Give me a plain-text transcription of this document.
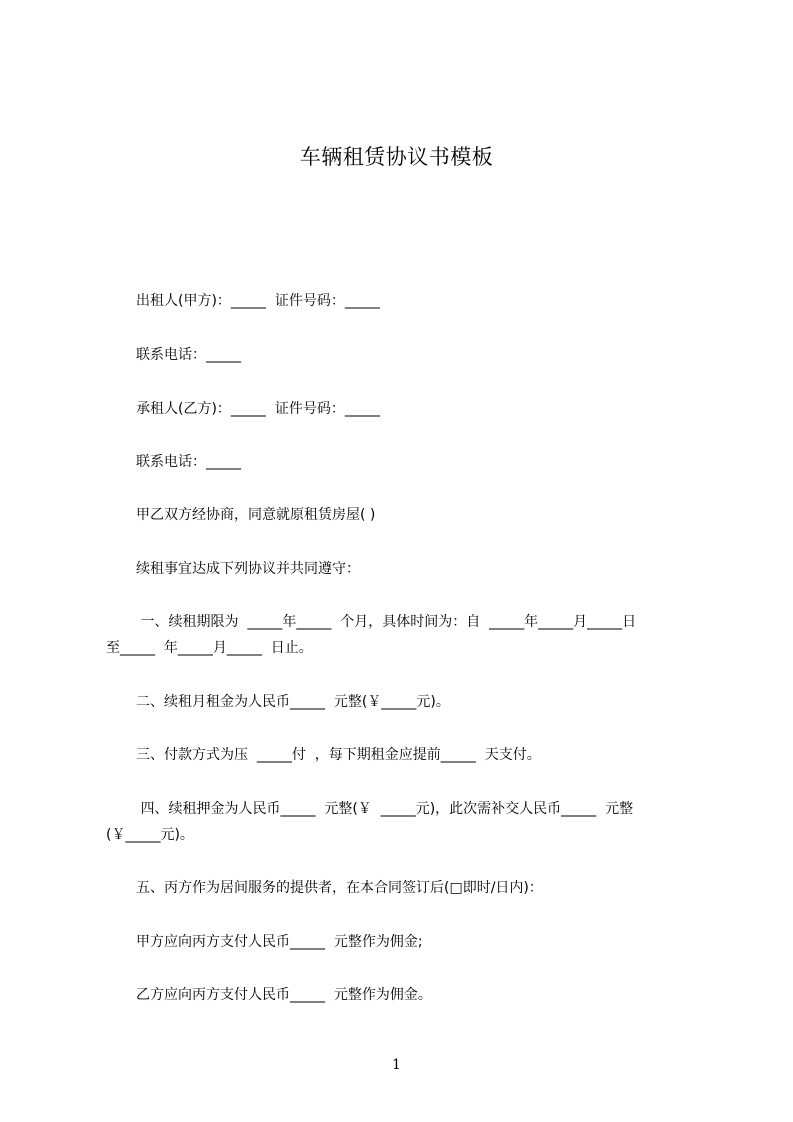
车辆租赁协议书模板

出租人(甲方)：_____  证件号码：_____

联系电话：_____

承租人(乙方)：_____  证件号码：_____

联系电话：_____

甲乙双方经协商，同意就原租赁房屋( )

续租事宜达成下列协议并共同遵守：

一、续租期限为  _____年_____  个月，具体时间为：自  _____年_____月_____日

至_____  年_____月_____  日止。

二、续租月租金为人民币_____  元整(￥_____元)。

三、付款方式为压  _____付  ，每下期租金应提前_____  天支付。

四、续租押金为人民币_____  元整(￥  _____元)，此次需补交人民币_____  元整

(￥_____元)。

五、丙方作为居间服务的提供者，在本合同签订后(□即时/日内)：

甲方应向丙方支付人民币_____  元整作为佣金;

乙方应向丙方支付人民币_____  元整作为佣金。

1
